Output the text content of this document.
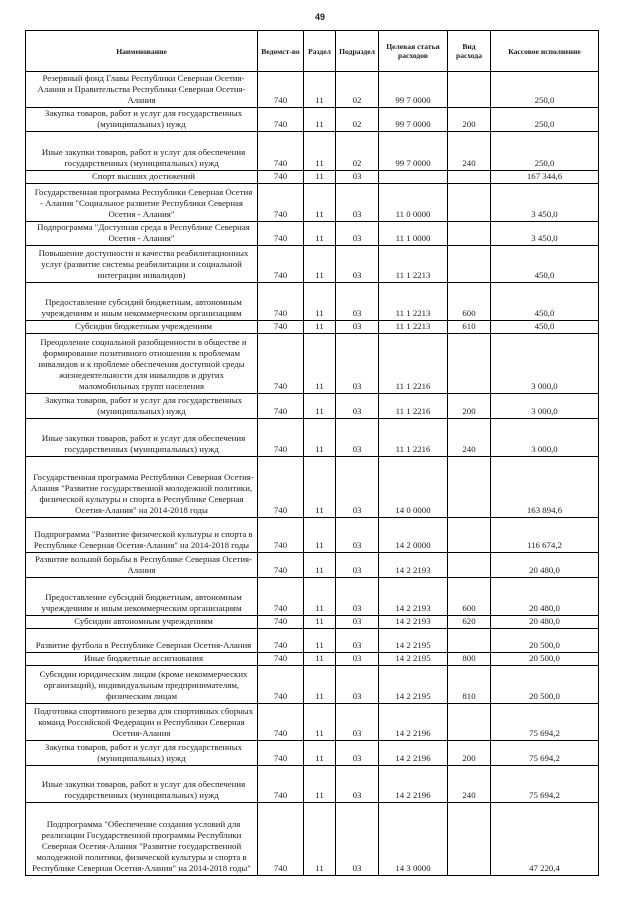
49
Наименование	Ведомст-во	Раздел	Подраздел	Целевая статья расходов	Вид расхода	Кассовое исполнение
Резервный фонд Главы Республики Северная Осетия-Алания и Правительства Республики Северная Осетия-Алания	740	11	02	99 7 0000		250,0
Закупка товаров, работ и услуг для государственных (муниципальных) нужд	740	11	02	99 7 0000	200	250,0
Иные закупки товаров, работ и услуг для обеспечения государственных (муниципальных) нужд	740	11	02	99 7 0000	240	250,0
Спорт высших достижений	740	11	03			167 344,6
Государственная программа Республики Северная Осетия - Алания "Социальное развитие Республики Северная Осетия - Алания"	740	11	03	11 0 0000		3 450,0
Подпрограмма "Доступная среда в Республике Северная Осетия - Алания"	740	11	03	11 1 0000		3 450,0
Повышение доступности и качества реабилитационных услуг (развитие системы реабилитации и социальной интеграции инвалидов)	740	11	03	11 1 2213		450,0
Предоставление субсидий бюджетным, автономным учреждениям и иным некоммерческим организациям	740	11	03	11 1 2213	600	450,0
Субсидии бюджетным учреждениям	740	11	03	11 1 2213	610	450,0
Преодоление социальной разобщенности в обществе и формирование позитивного отношения к проблемам инвалидов и к проблеме обеспечения доступной среды жизнедеятельности для инвалидов и других маломобильных групп населения	740	11	03	11 1 2216		3 000,0
Закупка товаров, работ и услуг для государственных (муниципальных) нужд	740	11	03	11 1 2216	200	3 000,0
Иные закупки товаров, работ и услуг для обеспечения государственных (муниципальных) нужд	740	11	03	11 1 2216	240	3 000,0
Государственная программа Республики Северная Осетия-Алания "Развитие государственной молодежной политики, физической культуры и спорта в Республике Северная Осетия-Алания" на 2014-2018 годы	740	11	03	14 0 0000		163 894,6
Подпрограмма "Развитие физической культуры и спорта в Республике Северная Осетия-Алания" на 2014-2018 годы	740	11	03	14 2 0000		116 674,2
Развитие вольной борьбы в Республике Северная Осетия-Алания	740	11	03	14 2 2193		20 480,0
Предоставление субсидий бюджетным, автономным учреждениям и иным некоммерческим организациям	740	11	03	14 2 2193	600	20 480,0
Субсидии автономным учреждениям	740	11	03	14 2 2193	620	20 480,0
Развитие футбола в Республике Северная Осетия-Алания	740	11	03	14 2 2195		20 500,0
Иные бюджетные ассигнования	740	11	03	14 2 2195	800	20 500,0
Субсидии юридическим лицам (кроме некоммерческих организаций), индивидуальным предпринимателям, физическим лицам	740	11	03	14 2 2195	810	20 500,0
Подготовка спортивного резерва для спортивных сборных команд Российской Федерации и Республики Северная Осетия-Алания	740	11	03	14 2 2196		75 694,2
Закупка товаров, работ и услуг для государственных (муниципальных) нужд	740	11	03	14 2 2196	200	75 694,2
Иные закупки товаров, работ и услуг для обеспечения государственных (муниципальных) нужд	740	11	03	14 2 2196	240	75 694,2
Подпрограмма "Обеспечение создания условий для реализации Государственной программы Республики Северная Осетия-Алания "Развитие государственной молодежной политики, физической культуры и спорта в Республике Северная Осетия-Алания" на 2014-2018 годы"	740	11	03	14 3 0000		47 220,4
